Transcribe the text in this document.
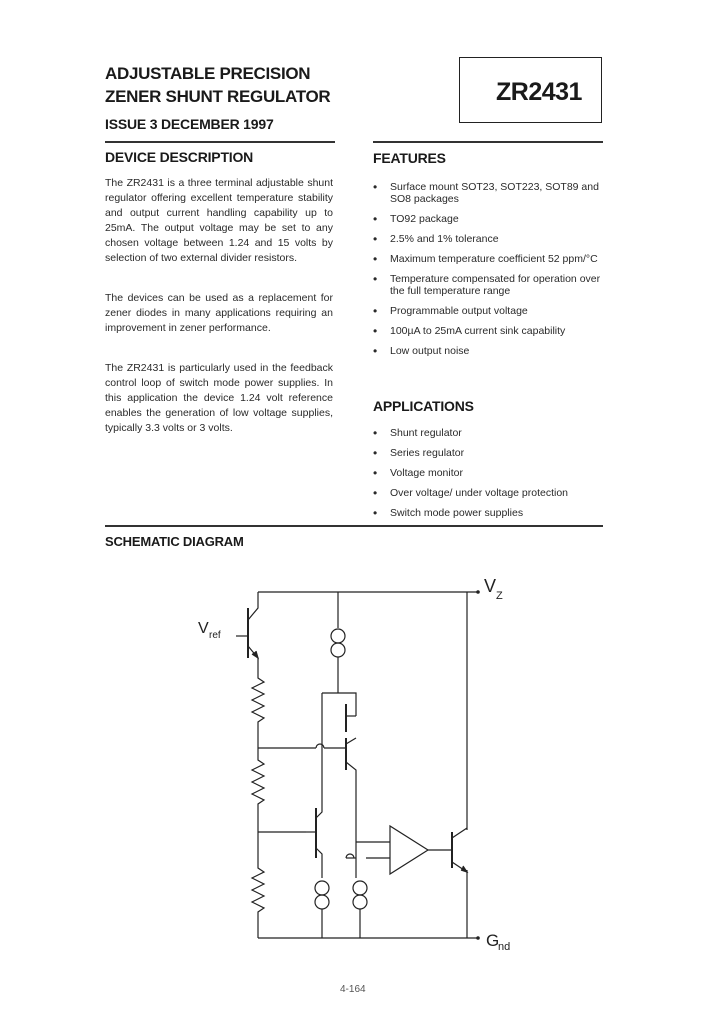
ADJUSTABLE PRECISION
ZENER SHUNT REGULATOR
ISSUE 3 DECEMBER 1997
ZR2431
DEVICE DESCRIPTION

The ZR2431 is a three terminal adjustable shunt regulator offering excellent temperature stability and output current handling capability up to 25mA. The output voltage may be set to any chosen voltage between 1.24 and 15 volts by selection of two external divider resistors.

The devices can be used as a replacement for zener diodes in many applications requiring an improvement in zener performance.

The ZR2431 is particularly used in the feedback control loop of switch mode power supplies. In this application the device 1.24 volt reference enables the generation of low voltage supplies, typically 3.3 volts or 3 volts.

FEATURES
• Surface mount SOT23, SOT223, SOT89 and SO8 packages
• TO92 package
• 2.5% and 1% tolerance
• Maximum temperature coefficient 52 ppm/°C
• Temperature compensated for operation over the full temperature range
• Programmable output voltage
• 100µA to 25mA current sink capability
• Low output noise
APPLICATIONS
• Shunt regulator
• Series regulator
• Voltage monitor
• Over voltage/ under voltage protection
• Switch mode power supplies
SCHEMATIC DIAGRAM
V Z
V ref
G
nd
4-164
